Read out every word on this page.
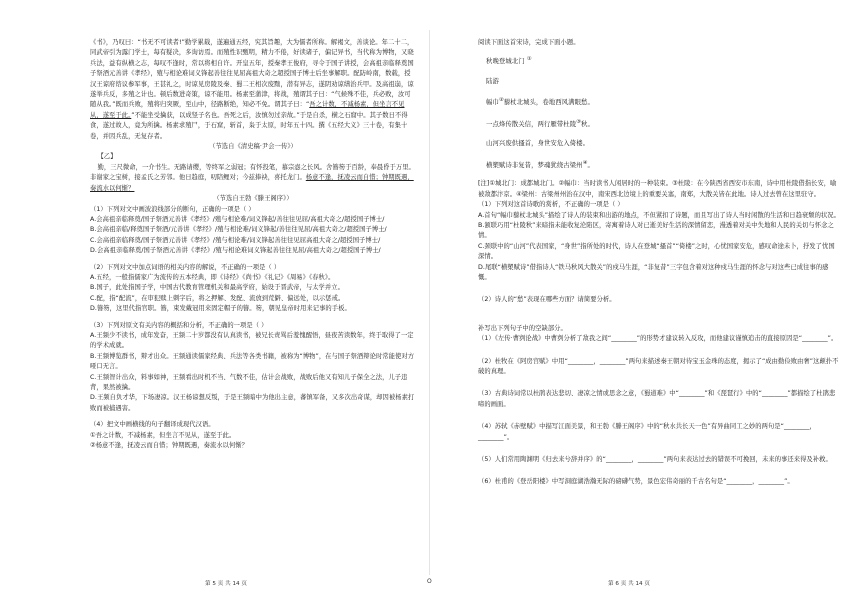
《书》，乃叹曰：“书无不可读者!”勤学累载，遂遍通五经，究其旨趣，大为儒者所称。解褐文，善谈论。年二十二，同武帝引为露门学士，每有疑决，多询访焉。而殖性识甄明，精力不倦，好读诸子，偏记异书，当代称为博物，又晓兵法，益有纵横之志，每叹不逢时，常以将相自许。开皇五年，授秦孝王俊府，寻令于国子讲授，会高祖亲临释奠国子祭酒元善讲《孝经》，殖与相论难词义锋起善往往见屈高祖大奇之超授国子博士后坐事解职。配防岭南，数载，授汉王谅府谘议参军事，王甚礼之，时谅见房陵及秦、蜀二王相次废黜，潜有异志，遂阴劝谅缮治兵甲。及高祖崩，谅遂举兵反，多殖之计也。顿后数进奇策，谅不能用。杨素至蒲津，将战，殖谓其子曰：“气候殊不佳，兵必败，汝可随从我。”既而兵败，殖将归突厥，至山中，径路断绝，知必不免。谓其子曰：“吾之计数，不减杨素，但坐言不见从，遂至于此。”不能坐受擒获，以成竖子名也。吾死之后，汝慎勿过亲故。”于是自杀，横之石窟中。其子数日不得食，遂过故人，竟为所擒。杨素求殖尸，于石窟，斩首，枭于太原，时年五十四。撰《五经大义》三十卷，有集十卷，并因兵乱，无复存者。

（节选自《清史稿·尹会一传》）

【乙】

勤，三尺微命，一介书生。无路请缨，等终军之弱冠；有怀投笔，慕宗悫之长风。舍簪笏于百龄，奉晨昏于万里。非谢家之宝树，接孟氏之芳邻。他日趋庭，叨陪鲤对；今兹捧袂，喜托龙门。杨意不逢，抚凌云而自惜；钟期既遇，奏流水以何惭？

（节选自王勃《滕王阁序》）

（1）下列对文中画波浪线部分的断句，正确的一项是（ ）

A.会高祖亲临释奠/国子祭酒元善讲《孝经》/殖与相论难/词义锋起/善往往见屈/高祖大奇之/超授国子博士/

B.会高祖亲临/释奠国子祭酒/元善讲《孝经》/殖与相论难/词义锋起/善往往见屈/高祖大奇之/超授国子博士/

C.会高祖亲临释奠/国子祭酒元善讲《孝经》/殖与相论难/词义锋起善往往见屈高祖大奇之/超授国子博士/

D.会高祖亲临释奠/国子祭酒元善讲《孝经》/殖与相论难词义锋起善往往见屈/高祖大奇之/超授国子博士/

（2）下列对文中加点词语的相关内容的解说，不正确的一项是（ ）

A.五经，一般指儒家广为流传的五本经典，即《诗经》《尚书》《礼记》《周易》《春秋》。

B.国子，此处指国子学，中国古代教育管理机关和最高学府，始设于晋武帝，与太学并立。

C.配，指“配流”，在审犯赎上刺字后，将之押解、发配、流放到荒僻、偏远处，以示惩戒。

D.簪笏，这里代指官职。簪，束发戴冠用来固定帽子的簪。笏，朝见皇帝时用来记事的手板。

（3）下列对原文有关内容的概括和分析，不正确的一项是（ ）

A.王频少不读书，成年发奋，王频二十岁都没有认真读书，被兄长责骂后羞愧醒悟，昼夜苦读数年，终于取得了一定的学术成就。

B.王频博览群书，辩才出众。王频通读儒家经典、兵法等各类书籍，被称为“博物”，在与国子祭酒辩论时常能使对方哑口无言。

C.王频智计出众，料事如神，王频看出时机不当、气数不佳，估计会战败，战败后他又有知儿子保全之法，儿子违背，果然被擒。

D.王频自负才华，下场凄凉。汉王杨谅想反叛，于是王频暗中为他出主意，蕃镇军备，又多次出奇谋，却因被杨素打败而被捕遇害。

（4）把文中画横线的句子翻译成现代汉语。

①吾之计数，不减杨素，但坐言不见从，遂至于此。

②杨意不逢，抚凌云而自惜；钟期既遇，奏流水以何惭？

第 5 页 共 14 页	O

阅读下面这首宋诗，完成下面小题。

秋晚登城北门 ①

陆游

幅巾②藜杖北城头，卷地西风满眼愁。

一点烽传散关信，两行雁带杜陵③秋。

山河兴废供搔首，身世安危入倚楼。

横槊赋诗非复昔，梦魂犹绕古梁州④。

[注]①城北门：成都城北门。②幅巾：当时读书人闲居时的一种装束。③杜陵：在今陕西省西安市东南，诗中用杜陵借指长安，喻被敌都汴京。④梁州：古梁州州治在汉中，南宋西北边境上的重要关塞，南郑，大散关皆在此地。诗人过去曾在这里驻守。

（1）下列对这首诗歌的赏析，不正确的一项是（ ）

A.首句“幅巾藜杖北城头”描绘了诗人的装束和出游的地点，不但紧扣了诗题，而且写出了诗人当时闲散的生活和日趋衰颓的状况。

B.颔联巧用“杜陵秋”来暗指未能收复沦陷区，寄寓着诗人对已逝美好生活的深情留恋，漫透着对关中失地和人民的关切与怀念之情。

C.颈联中的“山河”代表国家，“身世”指所处的时代，诗人在登城“搔首”“倚楼”之时，心忧国家安危，感叹命途未卜，抒发了忧国深情。

D.尾联“横槊赋诗”借指诗人“铁马秋风大散关”的戍马生涯，“非复昔”三字包含着对这种戍马生涯的怀念与对这些已成往事的感慨。

（2）诗人的“愁”表现在哪些方面？请简要分析。

补写出下列句子中的空缺部分。

（1）《左传·曹刿论战》中曹刿分析了敌我之间“________”的形势才建议转入反攻，而他建议谨慎追击的直接原因是“________”。

（2）杜牧在《阿房宫赋》中用“________，________”两句来描述秦王朝对待宝玉金珠的态度，揭示了“成由勤俭败由奢”这颠扑不破的真理。

（3）古典诗词常以杜鹃表达悲切、凄凉之情或思念之意，《蜀道难》中“________”和《琵琶行》中的“________”都描绘了杜鹃悲啼的画面。

（4）苏轼《赤壁赋》中描写江面美景，和王勃《滕王阁序》中的“秋水共长天一色”有异曲同工之妙的两句是“________，________”。

（5）人们常用陶渊明《归去来兮辞并序》的“________，________”两句来表达过去的错误不可挽回，未来的事还来得及补救。

（6）杜甫的《登岳阳楼》中写洞庭湖浩瀚无际的磅礴气势，景色宏伟奇丽的千古名句是“________，________”。

第 6 页 共 14 页
